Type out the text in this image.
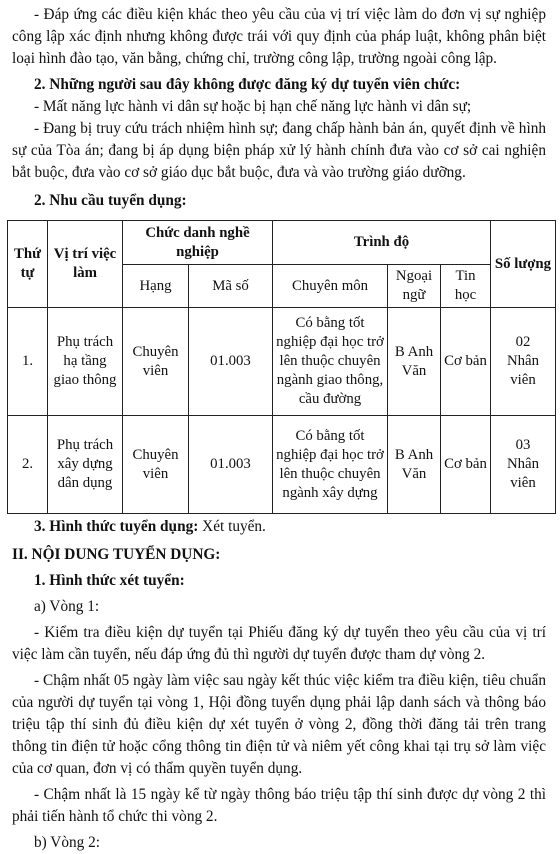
- Đáp ứng các điều kiện khác theo yêu cầu của vị trí việc làm do đơn vị sự nghiệp công lập xác định nhưng không được trái với quy định của pháp luật, không phân biệt loại hình đào tạo, văn bằng, chứng chỉ, trường công lập, trường ngoài công lập.

2. Những người sau đây không được đăng ký dự tuyển viên chức:

- Mất năng lực hành vi dân sự hoặc bị hạn chế năng lực hành vi dân sự;

- Đang bị truy cứu trách nhiệm hình sự; đang chấp hành bản án, quyết định về hình sự của Tòa án; đang bị áp dụng biện pháp xử lý hành chính đưa vào cơ sở cai nghiện bắt buộc, đưa vào cơ sở giáo dục bắt buộc, đưa và vào trường giáo dưỡng.

2. Nhu cầu tuyển dụng:

Thứ tự	Vị trí việc làm	Chức danh nghề nghiệp		Trình độ			Số lượng
		Hạng	Mã số	Chuyên môn	Ngoại ngữ	Tin học	
1.	Phụ trách hạ tầng giao thông	Chuyên viên	01.003	Có bằng tốt nghiệp đại học trở lên thuộc chuyên ngành giao thông, cầu đường	B Anh Văn	Cơ bản	02
Nhân viên

2.	Phụ trách xây dựng dân dụng	Chuyên viên	01.003	Có bằng tốt nghiệp đại học trở lên thuộc chuyên ngành xây dựng	B Anh Văn	Cơ bản	03
Nhân viên

3. Hình thức tuyển dụng: Xét tuyển.

II. NỘI DUNG TUYỂN DỤNG:

1. Hình thức xét tuyển:

a) Vòng 1:

- Kiểm tra điều kiện dự tuyển tại Phiếu đăng ký dự tuyển theo yêu cầu của vị trí việc làm cần tuyển, nếu đáp ứng đủ thì người dự tuyển được tham dự vòng 2.

- Chậm nhất 05 ngày làm việc sau ngày kết thúc việc kiểm tra điều kiện, tiêu chuẩn của người dự tuyển tại vòng 1, Hội đồng tuyển dụng phải lập danh sách và thông báo triệu tập thí sinh đủ điều kiện dự xét tuyển ở vòng 2, đồng thời đăng tải trên trang thông tin điện tử hoặc cổng thông tin điện tử và niêm yết công khai tại trụ sở làm việc của cơ quan, đơn vị có thẩm quyền tuyển dụng.

- Chậm nhất là 15 ngày kể từ ngày thông báo triệu tập thí sinh được dự vòng 2 thì phải tiến hành tổ chức thi vòng 2.

b) Vòng 2:
